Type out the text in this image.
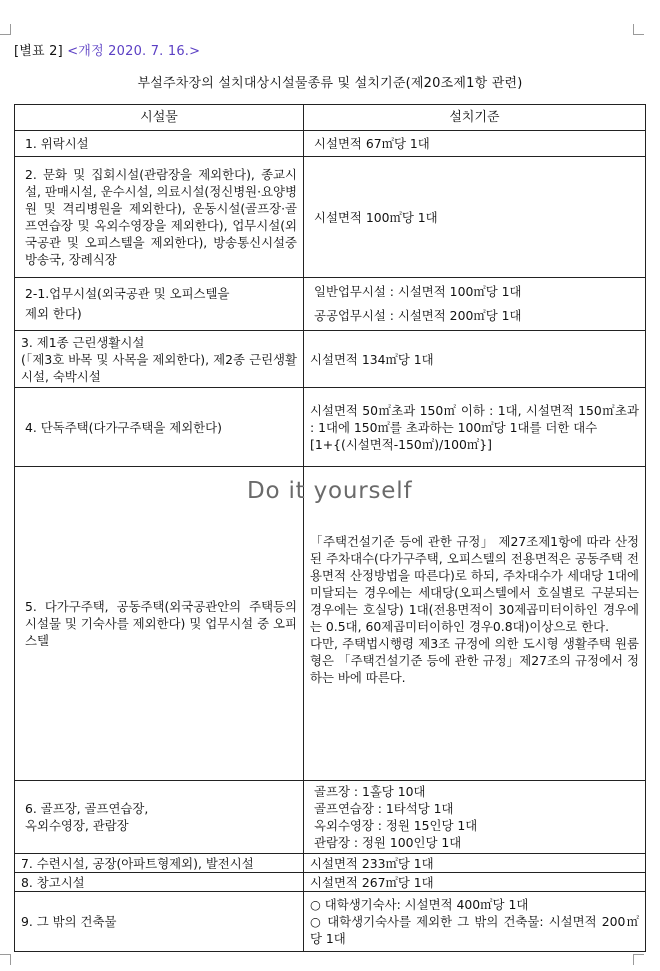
[별표 2] <개정 2020. 7. 16.>
부설주차장의 설치대상시설물종류 및 설치기준(제20조제1항 관련)
시설물	설치기준
1. 위락시설	시설면적 67㎡당 1대
2. 문화 및 집회시설(관람장을 제외한다), 종교시설, 판매시설, 운수시설, 의료시설(정신병원·요양병원 및 격리병원을 제외한다), 운동시설(골프장·골프연습장 및 옥외수영장을 제외한다), 업무시설(외국공관 및 오피스텔을 제외한다), 방송통신시설중 방송국, 장례식장	시설면적 100㎡당 1대
2-1.업무시설(외국공관 및 오피스텔을
제외 한다)	일반업무시설 : 시설면적 100㎡당 1대
공공업무시설 : 시설면적 200㎡당 1대
3. 제1종 근린생활시설
(「제3호 바목 및 사목을 제외한다), 제2종 근린생활시설, 숙박시설	시설면적 134㎡당 1대
4. 단독주택(다가구주택을 제외한다)	시설면적 50㎡초과 150㎡ 이하 : 1대, 시설면적 150㎡초과 : 1대에 150㎡를 초과하는 100㎡당 1대를 더한 대수
[1+{(시설면적-150㎡)/100㎡}]
5. 다가구주택, 공동주택(외국공관안의 주택등의 시설물 및 기숙사를 제외한다) 및 업무시설 중 오피스텔	「주택건설기준 등에 관한 규정」 제27조제1항에 따라 산정된 주차대수(다가구주택, 오피스텔의 전용면적은 공동주택 전용면적 산정방법을 따른다)로 하되, 주차대수가 세대당 1대에 미달되는 경우에는 세대당(오피스텔에서 호실별로 구분되는 경우에는 호실당) 1대(전용면적이 30제곱미터이하인 경우에는 0.5대, 60제곱미터이하인 경우0.8대)이상으로 한다.
다만, 주택법시행령 제3조 규정에 의한 도시형 생활주택 원룸형은 「주택건설기준 등에 관한 규정」제27조의 규정에서 정하는 바에 따른다.
6. 골프장, 골프연습장,
옥외수영장, 관람장	골프장 : 1홀당 10대
골프연습장 : 1타석당 1대
옥외수영장 : 정원 15인당 1대
관람장 : 정원 100인당 1대
7. 수련시설, 공장(아파트형제외), 발전시설	시설면적 233㎡당 1대
8. 창고시설	시설면적 267㎡당 1대
9. 그 밖의 건축물	○ 대학생기숙사: 시설면적 400㎡당 1대
○ 대학생기숙사를 제외한 그 밖의 건축물: 시설면적 200㎡ 당 1대
Do it yourself
